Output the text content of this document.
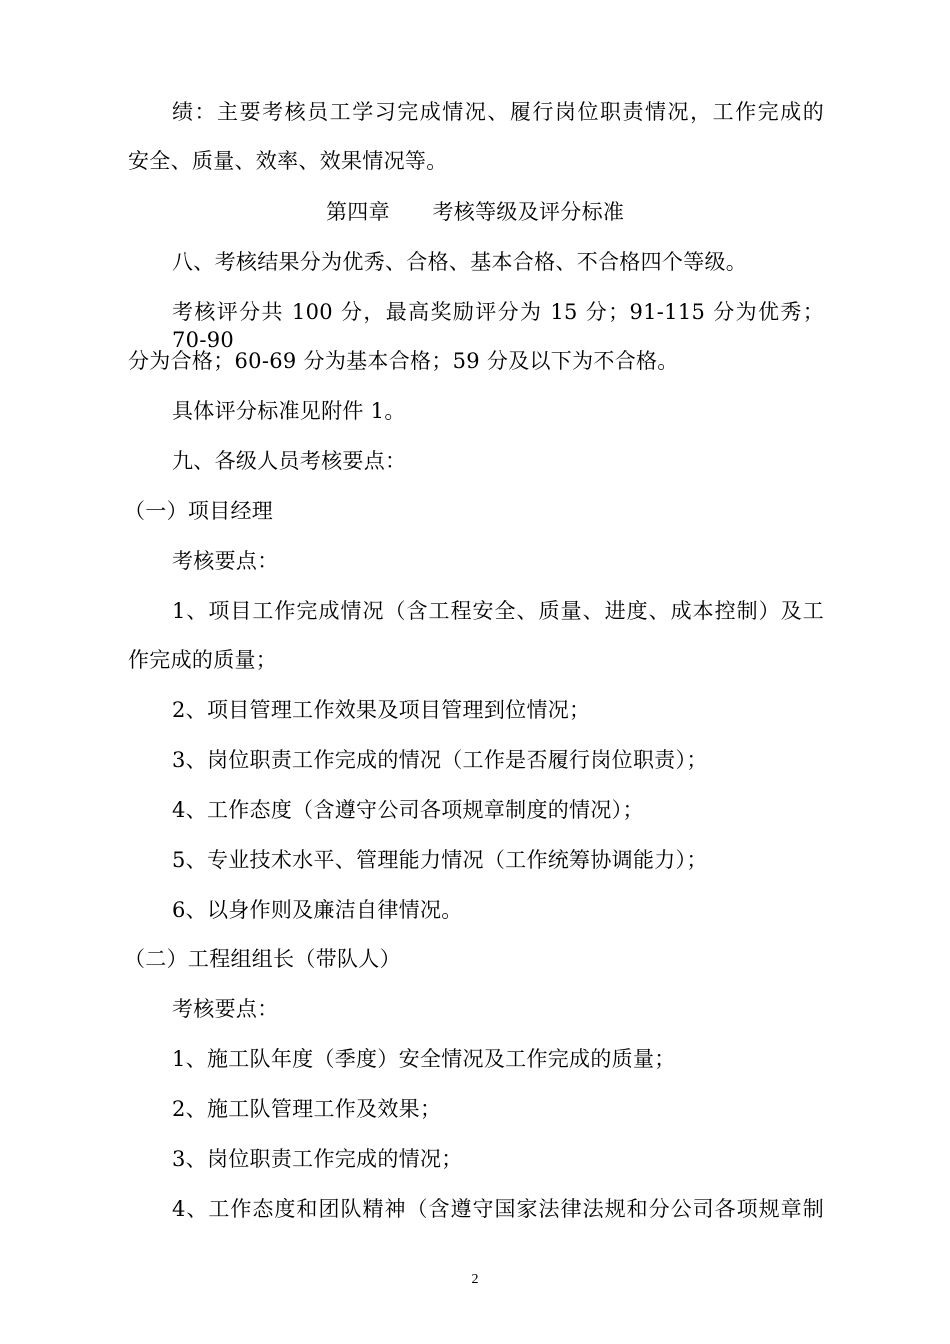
绩：主要考核员工学习完成情况、履行岗位职责情况，工作完成的
安全、质量、效率、效果情况等。
第四章　　考核等级及评分标准
八、考核结果分为优秀、合格、基本合格、不合格四个等级。
考核评分共 100 分，最高奖励评分为 15 分；91-115 分为优秀；70-90
分为合格；60-69 分为基本合格；59 分及以下为不合格。
具体评分标准见附件 1。
九、各级人员考核要点：
（一）项目经理
考核要点：
1、项目工作完成情况（含工程安全、质量、进度、成本控制）及工
作完成的质量；
2、项目管理工作效果及项目管理到位情况；
3、岗位职责工作完成的情况（工作是否履行岗位职责）；
4、工作态度（含遵守公司各项规章制度的情况）；
5、专业技术水平、管理能力情况（工作统筹协调能力）；
6、以身作则及廉洁自律情况。
（二）工程组组长（带队人）
考核要点：
1、施工队年度（季度）安全情况及工作完成的质量；
2、施工队管理工作及效果；
3、岗位职责工作完成的情况；
4、工作态度和团队精神（含遵守国家法律法规和分公司各项规章制
2
